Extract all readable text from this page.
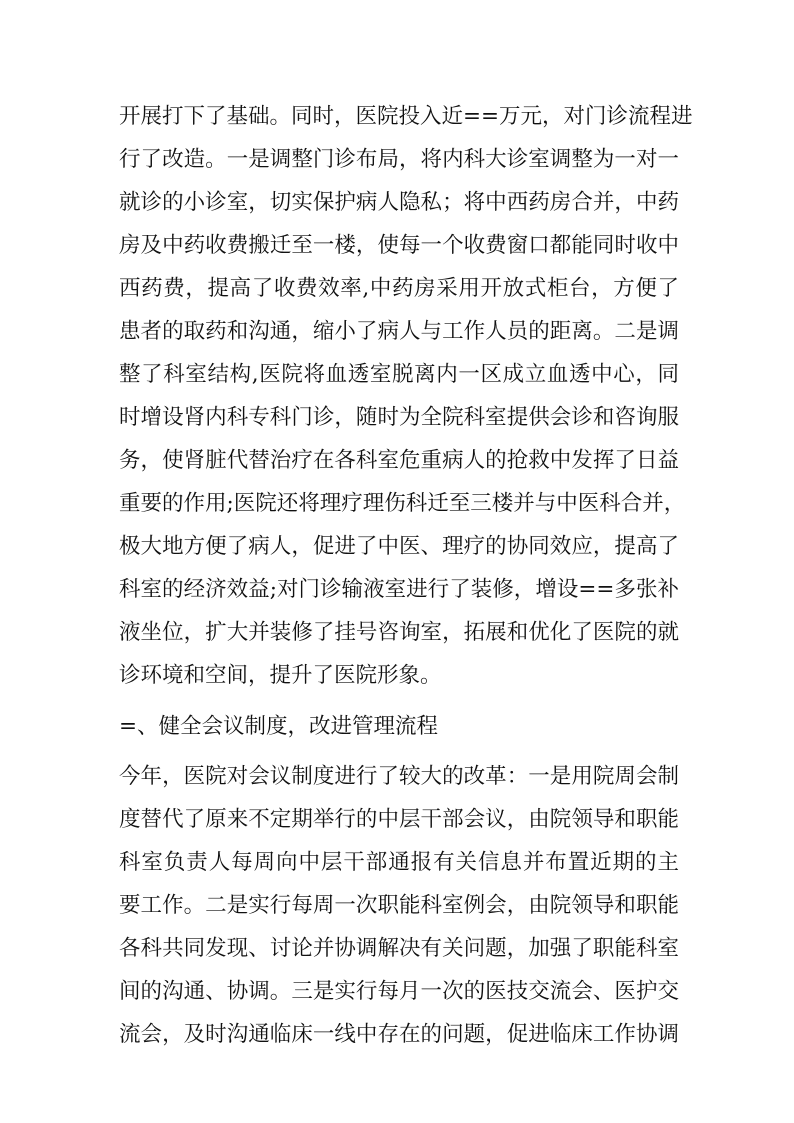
开展打下了基础。同时，医院投入近==万元，对门诊流程进
行了改造。一是调整门诊布局，将内科大诊室调整为一对一
就诊的小诊室，切实保护病人隐私；将中西药房合并，中药
房及中药收费搬迁至一楼，使每一个收费窗口都能同时收中
西药费，提高了收费效率,中药房采用开放式柜台，方便了
患者的取药和沟通，缩小了病人与工作人员的距离。二是调
整了科室结构,医院将血透室脱离内一区成立血透中心，同
时增设肾内科专科门诊，随时为全院科室提供会诊和咨询服
务，使肾脏代替治疗在各科室危重病人的抢救中发挥了日益
重要的作用;医院还将理疗理伤科迁至三楼并与中医科合并，
极大地方便了病人，促进了中医、理疗的协同效应，提高了
科室的经济效益;对门诊输液室进行了装修，增设==多张补
液坐位，扩大并装修了挂号咨询室，拓展和优化了医院的就
诊环境和空间，提升了医院形象。
=、健全会议制度，改进管理流程
今年，医院对会议制度进行了较大的改革：一是用院周会制
度替代了原来不定期举行的中层干部会议，由院领导和职能
科室负责人每周向中层干部通报有关信息并布置近期的主
要工作。二是实行每周一次职能科室例会，由院领导和职能
各科共同发现、讨论并协调解决有关问题，加强了职能科室
间的沟通、协调。三是实行每月一次的医技交流会、医护交
流会，及时沟通临床一线中存在的问题，促进临床工作协调
